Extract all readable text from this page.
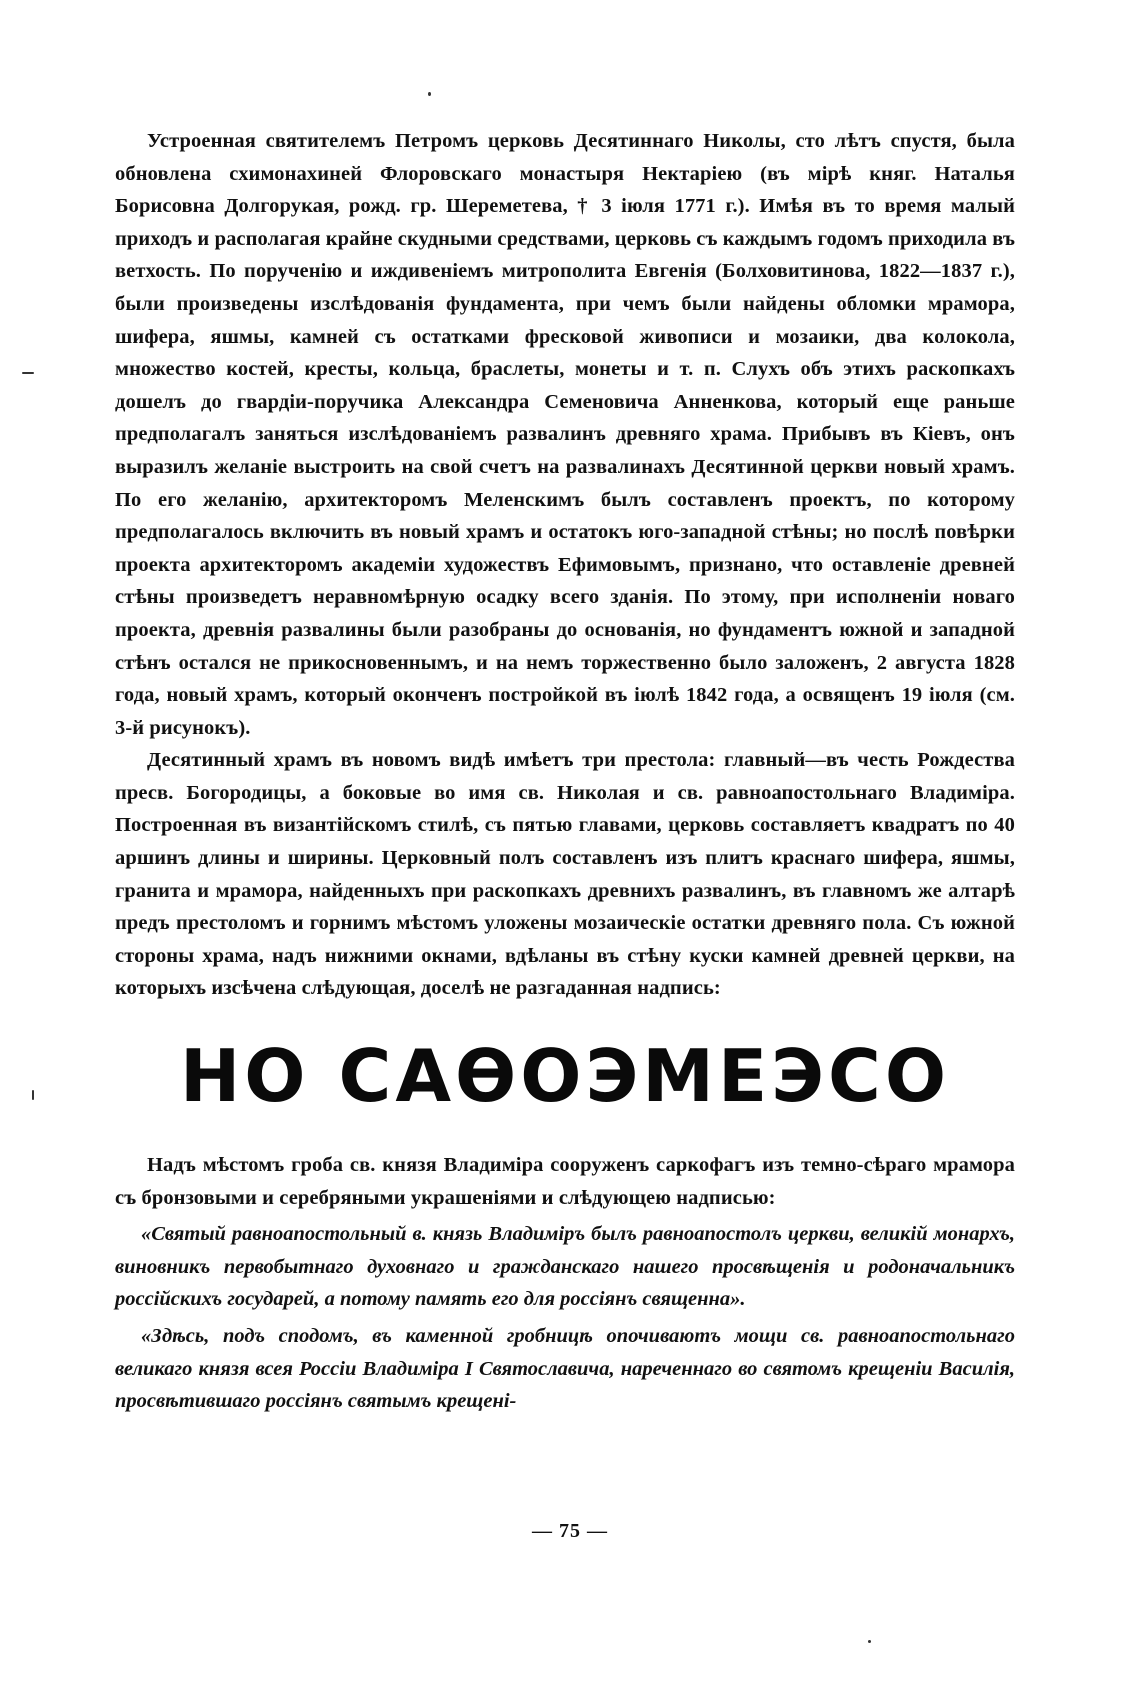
Устроенная святителемъ Петромъ церковь Десятиннаго Николы, сто лѣтъ спустя, была обновлена схимонахиней Флоровскаго монастыря Нектаріею (въ мірѣ княг. Наталья Борисовна Долгорукая, рожд. гр. Шереметева, † 3 іюля 1771 г.). Имѣя въ то время малый приходъ и располагая крайне скудными средствами, церковь съ каждымъ годомъ приходила въ ветхость. По порученію и иждивеніемъ митрополита Евгенія (Болховитинова, 1822—1837 г.), были произведены изслѣдованія фундамента, при чемъ были найдены обломки мрамора, шифера, яшмы, камней съ остатками фресковой живописи и мозаики, два колокола, множество костей, кресты, кольца, браслеты, монеты и т. п. Слухъ объ этихъ раскопкахъ дошелъ до гвардіи-поручика Александра Семеновича Анненкова, который еще раньше предполагалъ заняться изслѣдованіемъ развалинъ древняго храма. Прибывъ въ Кіевъ, онъ выразилъ желаніе выстроить на свой счетъ на развалинахъ Десятинной церкви новый храмъ. По его желанію, архитекторомъ Меленскимъ былъ составленъ проектъ, по которому предполагалось включить въ новый храмъ и остатокъ юго-западной стѣны; но послѣ повѣрки проекта архитекторомъ академіи художествъ Ефимовымъ, признано, что оставленіе древней стѣны произведетъ неравномѣрную осадку всего зданія. По этому, при исполненіи новаго проекта, древнія развалины были разобраны до основанія, но фундаментъ южной и западной стѣнъ остался не прикосновеннымъ, и на немъ торжественно было заложенъ, 2 августа 1828 года, новый храмъ, который оконченъ постройкой въ іюлѣ 1842 года, а освященъ 19 іюля (см. 3-й рисунокъ).

Десятинный храмъ въ новомъ видѣ имѣетъ три престола: главный—въ честь Рождества пресв. Богородицы, а боковые во имя св. Николая и св. равноапостольнаго Владиміра. Построенная въ византійскомъ стилѣ, съ пятью главами, церковь составляетъ квадратъ по 40 аршинъ длины и ширины. Церковный полъ составленъ изъ плитъ краснаго шифера, яшмы, гранита и мрамора, найденныхъ при раскопкахъ древнихъ развалинъ, въ главномъ же алтарѣ предъ престоломъ и горнимъ мѣстомъ уложены мозаическіе остатки древняго пола. Съ южной стороны храма, надъ нижними окнами, вдѣланы въ стѣну куски камней древней церкви, на которыхъ изсѣчена слѣдующая, доселѣ не разгаданная надпись:

НО САѲОЭМЕЭСО

Надъ мѣстомъ гроба св. князя Владиміра сооруженъ саркофагъ изъ темно-сѣраго мрамора съ бронзовыми и серебряными украшеніями и слѣдующею надписью:

«Святый равноапостольный в. князь Владиміръ былъ равноапостолъ церкви, великій монархъ, виновникъ первобытнаго духовнаго и гражданскаго нашего просвѣщенія и родоначальникъ россійскихъ государей, а потому память его для россіянъ священна».

«Здѣсь, подъ сподомъ, въ каменной гробницѣ опочиваютъ мощи св. равноапостольнаго великаго князя всея Россіи Владиміра I Святославича, нареченнаго во святомъ крещеніи Василія, просвѣтившаго россіянъ святымъ крещені-

— 75 —
